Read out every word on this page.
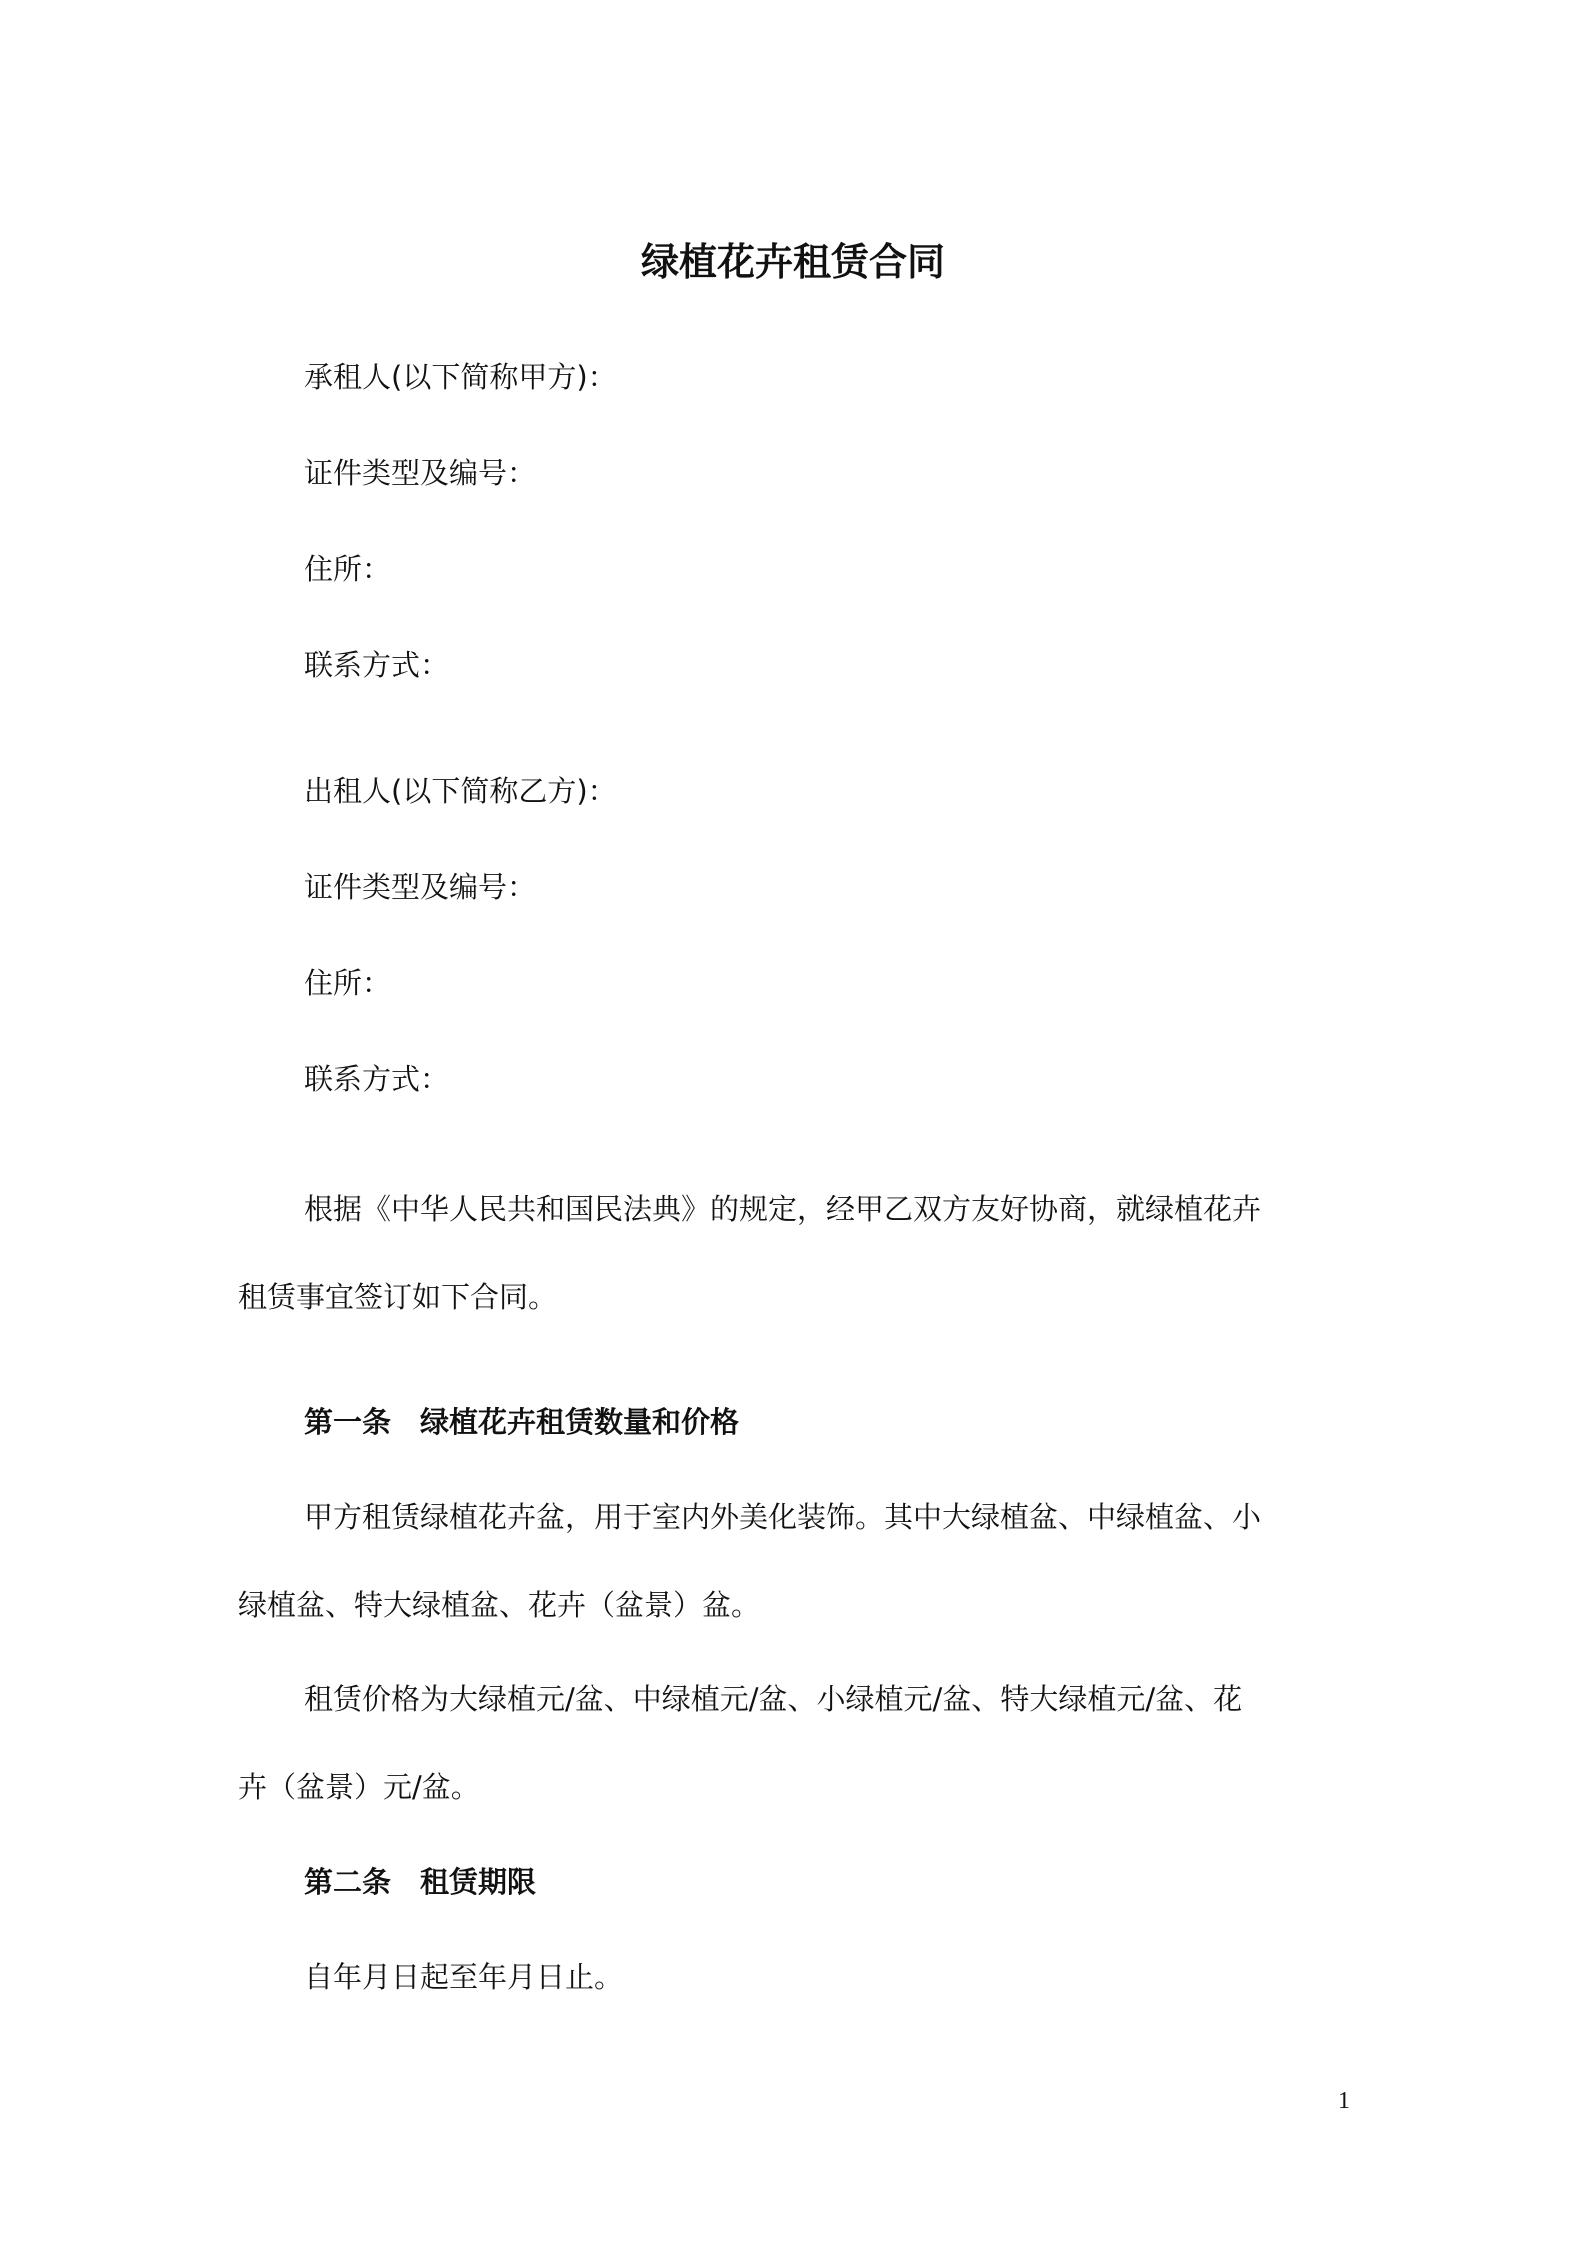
绿植花卉租赁合同

承租人(以下简称甲方)：

证件类型及编号：

住所：

联系方式：

出租人(以下简称乙方)：

证件类型及编号：

住所：

联系方式：

根据《中华人民共和国民法典》的规定，经甲乙双方友好协商，就绿植花卉

租赁事宜签订如下合同。

第一条　绿植花卉租赁数量和价格

甲方租赁绿植花卉盆，用于室内外美化装饰。其中大绿植盆、中绿植盆、小

绿植盆、特大绿植盆、花卉（盆景）盆。

租赁价格为大绿植元/盆、中绿植元/盆、小绿植元/盆、特大绿植元/盆、花

卉（盆景）元/盆。

第二条　租赁期限

自年月日起至年月日止。

1
